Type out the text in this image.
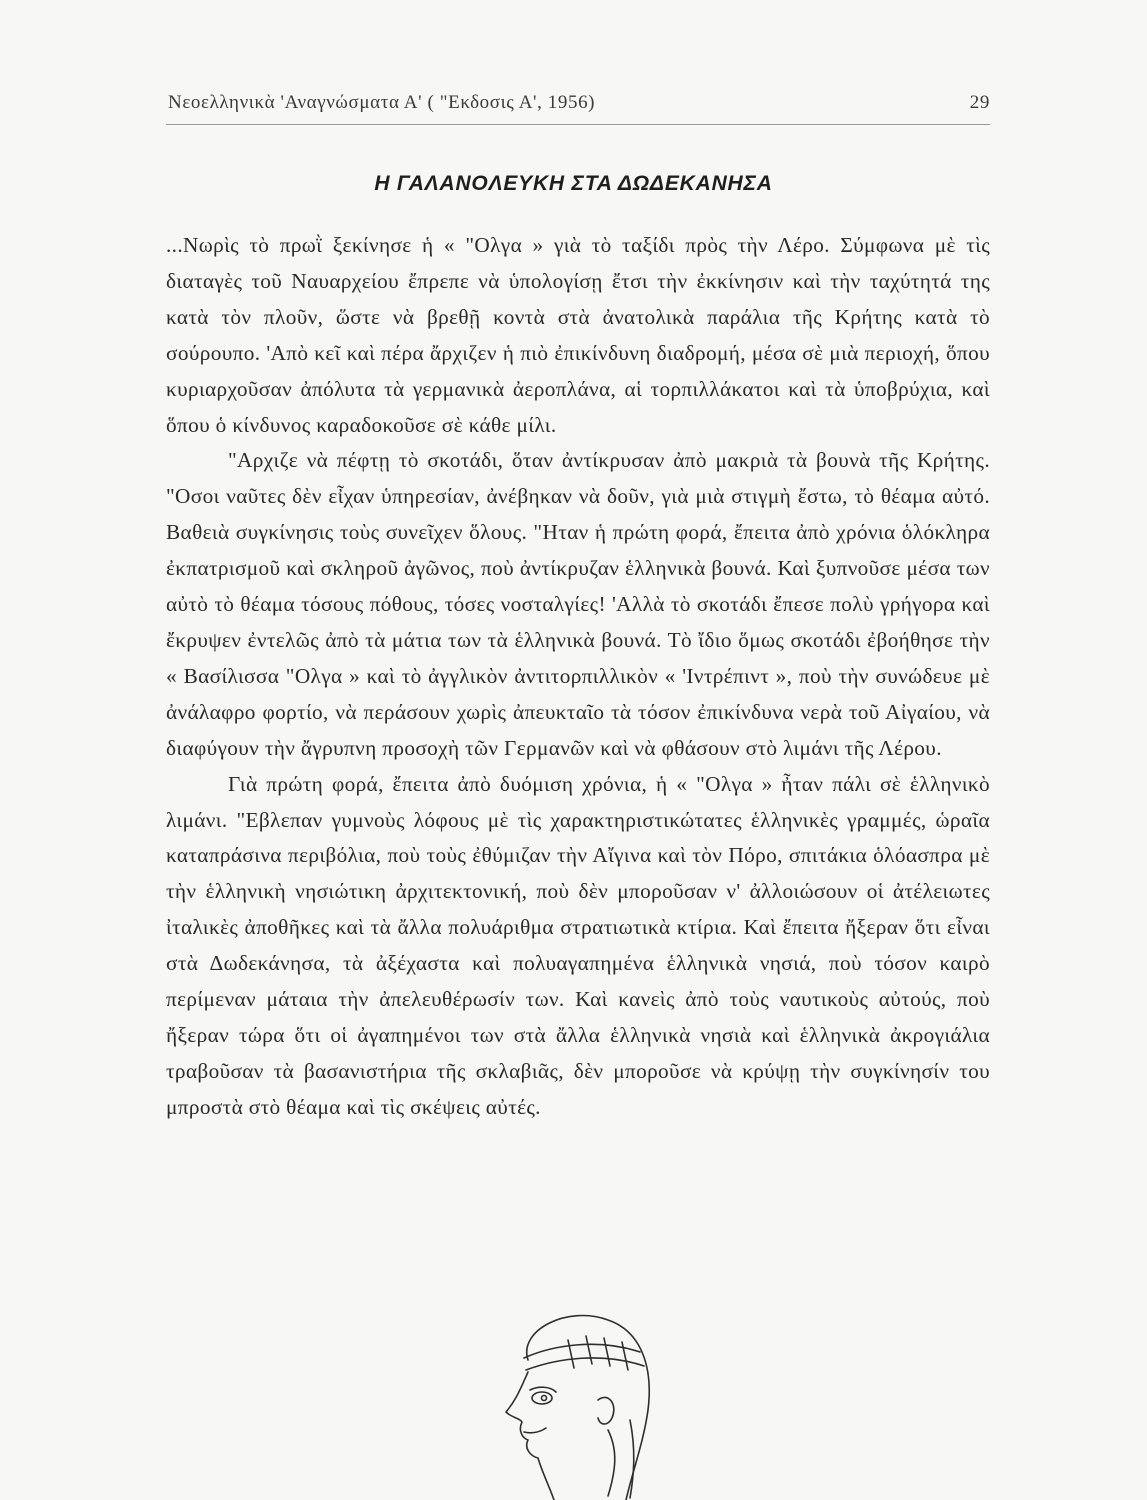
Νεοελληνικὰ 'Αναγνώσματα Α' ( "Εκδοσις Α', 1956)	29
Η ΓΑΛΑΝΟΛΕΥΚΗ ΣΤΑ ΔΩΔΕΚΑΝΗΣΑ

...Νωρὶς τὸ πρωῒ ξεκίνησε ἡ « "Ολγα » γιὰ τὸ ταξίδι πρὸς τὴν Λέρο. Σύμφωνα μὲ τὶς διαταγὲς τοῦ Ναυαρχείου ἔπρεπε νὰ ὑπολογίσῃ ἔτσι τὴν ἐκκίνησιν καὶ τὴν ταχύτητά της κατὰ τὸν πλοῦν, ὥστε νὰ βρεθῇ κοντὰ στὰ ἀνατολικὰ παράλια τῆς Κρήτης κατὰ τὸ σούρουπο. 'Απὸ κεῖ καὶ πέρα ἄρχιζεν ἡ πιὸ ἐπικίνδυνη διαδρομή, μέσα σὲ μιὰ περιοχή, ὅπου κυριαρχοῦσαν ἀπόλυτα τὰ γερμανικὰ ἀεροπλάνα, αἱ τορπιλλάκατοι καὶ τὰ ὑποβρύχια, καὶ ὅπου ὁ κίνδυνος καραδοκοῦσε σὲ κάθε μίλι.

"Αρχιζε νὰ πέφτῃ τὸ σκοτάδι, ὅταν ἀντίκρυσαν ἀπὸ μακριὰ τὰ βουνὰ τῆς Κρήτης. "Οσοι ναῦτες δὲν εἶχαν ὑπηρεσίαν, ἀνέβηκαν νὰ δοῦν, γιὰ μιὰ στιγμὴ ἔστω, τὸ θέαμα αὐτό. Βαθειὰ συγκίνησις τοὺς συνεῖχεν ὅλους. "Ηταν ἡ πρώτη φορά, ἔπειτα ἀπὸ χρόνια ὁλόκληρα ἐκπατρισμοῦ καὶ σκληροῦ ἀγῶνος, ποὺ ἀντίκρυζαν ἑλληνικὰ βουνά. Καὶ ξυπνοῦσε μέσα των αὐτὸ τὸ θέαμα τόσους πόθους, τόσες νοσταλγίες! 'Αλλὰ τὸ σκοτάδι ἔπεσε πολὺ γρήγορα καὶ ἔκρυψεν ἐντελῶς ἀπὸ τὰ μάτια των τὰ ἑλληνικὰ βουνά. Τὸ ἴδιο ὅμως σκοτάδι ἐβοήθησε τὴν « Βασίλισσα "Ολγα » καὶ τὸ ἀγγλικὸν ἀντιτορπιλλικὸν « 'Ιντρέπιντ », ποὺ τὴν συνώδευε μὲ ἀνάλαφρο φορτίο, νὰ περάσουν χωρὶς ἀπευκταῖο τὰ τόσον ἐπικίνδυνα νερὰ τοῦ Αἰγαίου, νὰ διαφύγουν τὴν ἄγρυπνη προσοχὴ τῶν Γερμανῶν καὶ νὰ φθάσουν στὸ λιμάνι τῆς Λέρου.

Γιὰ πρώτη φορά, ἔπειτα ἀπὸ δυόμιση χρόνια, ἡ « "Ολγα » ἦταν πάλι σὲ ἑλληνικὸ λιμάνι. "Εβλεπαν γυμνοὺς λόφους μὲ τὶς χαρακτηριστικώτατες ἑλληνικὲς γραμμές, ὡραῖα καταπράσινα περιβόλια, ποὺ τοὺς ἐθύμιζαν τὴν Αἴγινα καὶ τὸν Πόρο, σπιτάκια ὁλόασπρα μὲ τὴν ἑλληνικὴ νησιώτικη ἀρχιτεκτονική, ποὺ δὲν μποροῦσαν ν' ἀλλοιώσουν οἱ ἀτέλειωτες ἰταλικὲς ἀποθῆκες καὶ τὰ ἄλλα πολυάριθμα στρατιωτικὰ κτίρια. Καὶ ἔπειτα ἤξεραν ὅτι εἶναι στὰ Δωδεκάνησα, τὰ ἀξέχαστα καὶ πολυαγαπημένα ἑλληνικὰ νησιά, ποὺ τόσον καιρὸ περίμεναν μάταια τὴν ἀπελευθέρωσίν των. Καὶ κανεὶς ἀπὸ τοὺς ναυτικοὺς αὐτούς, ποὺ ἤξεραν τώρα ὅτι οἱ ἀγαπημένοι των στὰ ἄλλα ἑλληνικὰ νησιὰ καὶ ἑλληνικὰ ἀκρογιάλια τραβοῦσαν τὰ βασανιστήρια τῆς σκλαβιᾶς, δὲν μποροῦσε νὰ κρύψῃ τὴν συγκίνησίν του μπροστὰ στὸ θέαμα καὶ τὶς σκέψεις αὐτές.
